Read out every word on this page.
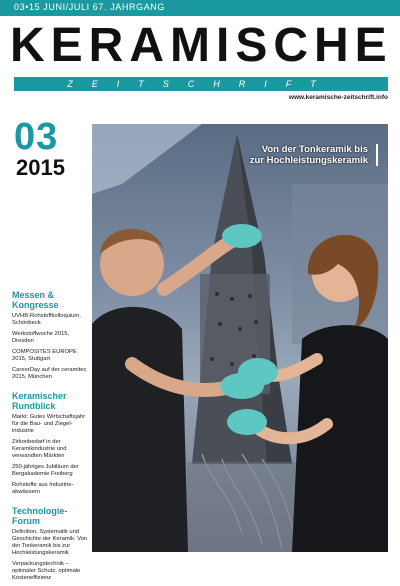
03•15 JUNI/JULI 67. JAHRGANG
KERAMISCHE
ZEITSCHRIFT
www.keramische-zeitschrift.info
03
2015
Messen & Kongresse
UVHB-Rohstoffkolloquium, Schönbeck
Werkstoffwoche 2015, Dresden
COMPOSITES EUROPE 2015, Stuttgart
CareerDay auf der ceramitec 2015, München
Keramischer Rundblick
Markt: Gutes Wirtschaftsjahr für die Bau- und Ziegel-industrie
Zirkonbedarf in der Keramikindustrie und verwandten Märkten
250-jähriges Jubiläum der Bergakademie Freiberg
Rohstoffe aus Industrie-abwässern
Technologie-Forum
Definition, Systematik und Geschichte der Keramik: Von der Tonkeramik bis zur Hochleistungskeramik
Verpackungstechnik – optimaler Schutz, optimale Kosteneffizienz
Von der Tonkeramik bis
zur Hochleistungskeramik
